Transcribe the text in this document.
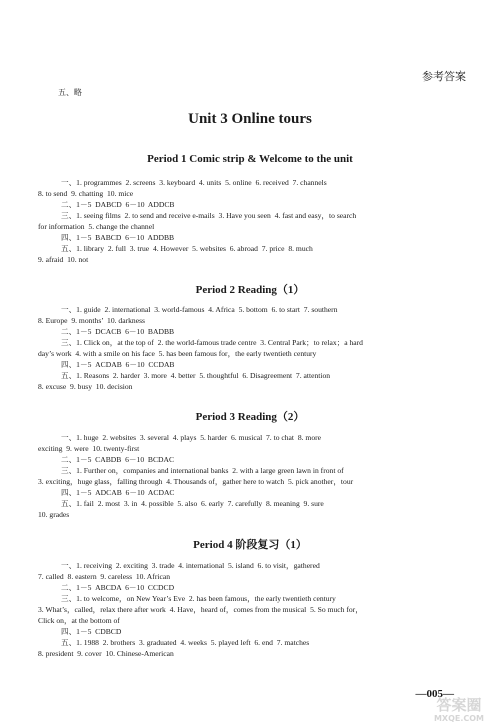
参考答案
五、略
Unit 3 Online tours
Period 1 Comic strip & Welcome to the unit
一、1. programmes  2. screens  3. keyboard  4. units  5. online  6. received  7. channels
8. to send  9. chatting  10. mice
二、1－5  DABCD  6－10  ADDCB
三、1. seeing films  2. to send and receive e-mails  3. Have you seen  4. fast and easy，to search
for information  5. change the channel
四、1－5  BABCD  6－10  ADDBB
五、1. library  2. full  3. true  4. However  5. websites  6. abroad  7. price  8. much
9. afraid  10. not
Period 2 Reading（1）
一、1. guide  2. international  3. world-famous  4. Africa  5. bottom  6. to start  7. southern
8. Europe  9. months’  10. darkness
二、1－5  DCACB  6－10  BADBB
三、1. Click on，at the top of  2. the world-famous trade centre  3. Central Park；to relax；a hard
day’s work  4. with a smile on his face  5. has been famous for，the early twentieth century
四、1－5  ACDAB  6－10  CCDAB
五、1. Reasons  2. harder  3. more  4. better  5. thoughtful  6. Disagreement  7. attention
8. excuse  9. busy  10. decision
Period 3 Reading（2）
一、1. huge  2. websites  3. several  4. plays  5. harder  6. musical  7. to chat  8. more
exciting  9. were  10. twenty-first
二、1－5  CABDB  6－10  BCDAC
三、1. Further on，companies and international banks  2. with a large green lawn in front of
3. exciting，huge glass，falling through  4. Thousands of，gather here to watch  5. pick another，tour
四、1－5  ADCAB  6－10  ACDAC
五、1. fail  2. most  3. in  4. possible  5. also  6. early  7. carefully  8. meaning  9. sure
10. grades
Period 4 阶段复习（1）
一、1. receiving  2. exciting  3. trade  4. international  5. island  6. to visit，gathered
7. called  8. eastern  9. careless  10. African
二、1－5  ABCDA  6－10  CCDCD
三、1. to welcome，on New Year’s Eve  2. has been famous，the early twentieth century
3. What’s，called，relax there after work  4. Have，heard of，comes from the musical  5. So much for，
Click on，at the bottom of
四、1－5  CDBCD
五、1. 1988  2. brothers  3. graduated  4. weeks  5. played left  6. end  7. matches
8. president  9. cover  10. Chinese-American
—005—
答案圈
MXQE.COM
